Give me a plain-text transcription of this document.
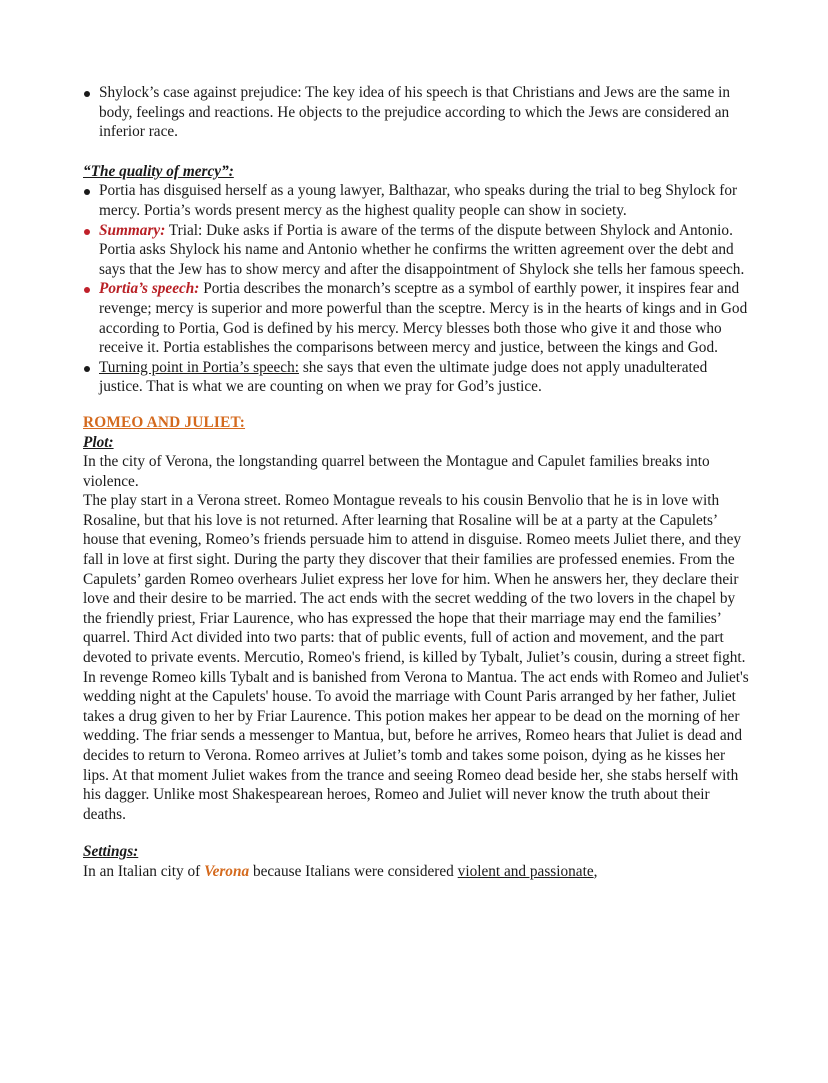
Shylock’s case against prejudice: The key idea of his speech is that Christians and Jews are the same in body, feelings and reactions. He objects to the prejudice according to which the Jews are considered an inferior race.

“The quality of mercy”:

Portia has disguised herself as a young lawyer, Balthazar, who speaks during the trial to beg Shylock for mercy. Portia’s words present mercy as the highest quality people can show in society.
Summary: Trial: Duke asks if Portia is aware of the terms of the dispute between Shylock and Antonio. Portia asks Shylock his name and Antonio whether he confirms the written agreement over the debt and says that the Jew has to show mercy and after the disappointment of Shylock she tells her famous speech.
Portia’s speech: Portia describes the monarch’s sceptre as a symbol of earthly power, it inspires fear and revenge; mercy is superior and more powerful than the sceptre. Mercy is in the hearts of kings and in God according to Portia, God is defined by his mercy. Mercy blesses both those who give it and those who receive it. Portia establishes the comparisons between mercy and justice, between the kings and God.
Turning point in Portia’s speech: she says that even the ultimate judge does not apply unadulterated justice. That is what we are counting on when we pray for God’s justice.

ROMEO AND JULIET:

Plot:

In the city of Verona, the longstanding quarrel between the Montague and Capulet families breaks into violence.

The play start in a Verona street. Romeo Montague reveals to his cousin Benvolio that he is in love with Rosaline, but that his love is not returned. After learning that Rosaline will be at a party at the Capulets’ house that evening, Romeo’s friends persuade him to attend in disguise. Romeo meets Juliet there, and they fall in love at first sight. During the party they discover that their families are professed enemies. From the Capulets’ garden Romeo overhears Juliet express her love for him. When he answers her, they declare their love and their desire to be married. The act ends with the secret wedding of the two lovers in the chapel by the friendly priest, Friar Laurence, who has expressed the hope that their marriage may end the families’ quarrel. Third Act divided into two parts: that of public events, full of action and movement, and the part devoted to private events. Mercutio, Romeo's friend, is killed by Tybalt, Juliet’s cousin, during a street fight. In revenge Romeo kills Tybalt and is banished from Verona to Mantua. The act ends with Romeo and Juliet's wedding night at the Capulets' house. To avoid the marriage with Count Paris arranged by her father, Juliet takes a drug given to her by Friar Laurence. This potion makes her appear to be dead on the morning of her wedding. The friar sends a messenger to Mantua, but, before he arrives, Romeo hears that Juliet is dead and decides to return to Verona. Romeo arrives at Juliet’s tomb and takes some poison, dying as he kisses her lips. At that moment Juliet wakes from the trance and seeing Romeo dead beside her, she stabs herself with his dagger. Unlike most Shakespearean heroes, Romeo and Juliet will never know the truth about their deaths.

Settings:

In an Italian city of Verona because Italians were considered violent and passionate,
